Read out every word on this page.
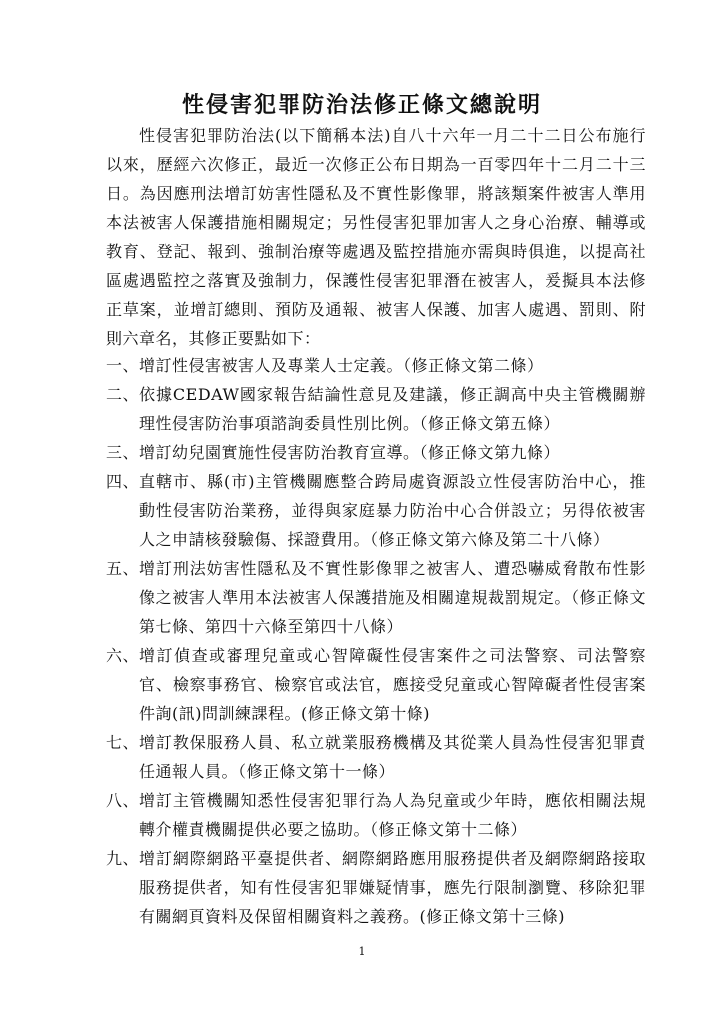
性侵害犯罪防治法修正條文總說明

性侵害犯罪防治法(以下簡稱本法)自八十六年一月二十二日公布施行以來，歷經六次修正，最近一次修正公布日期為一百零四年十二月二十三日。為因應刑法增訂妨害性隱私及不實性影像罪，將該類案件被害人準用本法被害人保護措施相關規定；另性侵害犯罪加害人之身心治療、輔導或教育、登記、報到、強制治療等處遇及監控措施亦需與時俱進，以提高社區處遇監控之落實及強制力，保護性侵害犯罪潛在被害人，爰擬具本法修正草案，並增訂總則、預防及通報、被害人保護、加害人處遇、罰則、附則六章名，其修正要點如下：

一、 增訂性侵害被害人及專業人士定義。（修正條文第二條）
二、 依據CEDAW國家報告結論性意見及建議，修正調高中央主管機關辦理性侵害防治事項諮詢委員性別比例。（修正條文第五條）
三、 增訂幼兒園實施性侵害防治教育宣導。（修正條文第九條）
四、 直轄市、縣(市)主管機關應整合跨局處資源設立性侵害防治中心，推動性侵害防治業務，並得與家庭暴力防治中心合併設立；另得依被害人之申請核發驗傷、採證費用。（修正條文第六條及第二十八條）
五、 增訂刑法妨害性隱私及不實性影像罪之被害人、遭恐嚇威脅散布性影像之被害人準用本法被害人保護措施及相關違規裁罰規定。（修正條文第七條、第四十六條至第四十八條）
六、 增訂偵查或審理兒童或心智障礙性侵害案件之司法警察、司法警察官、檢察事務官、檢察官或法官，應接受兒童或心智障礙者性侵害案件詢(訊)問訓練課程。(修正條文第十條)
七、 增訂教保服務人員、私立就業服務機構及其從業人員為性侵害犯罪責任通報人員。（修正條文第十一條）
八、 增訂主管機關知悉性侵害犯罪行為人為兒童或少年時，應依相關法規轉介權責機關提供必要之協助。（修正條文第十二條）
九、 增訂網際網路平臺提供者、網際網路應用服務提供者及網際網路接取服務提供者，知有性侵害犯罪嫌疑情事，應先行限制瀏覽、移除犯罪有關網頁資料及保留相關資料之義務。(修正條文第十三條)
1
